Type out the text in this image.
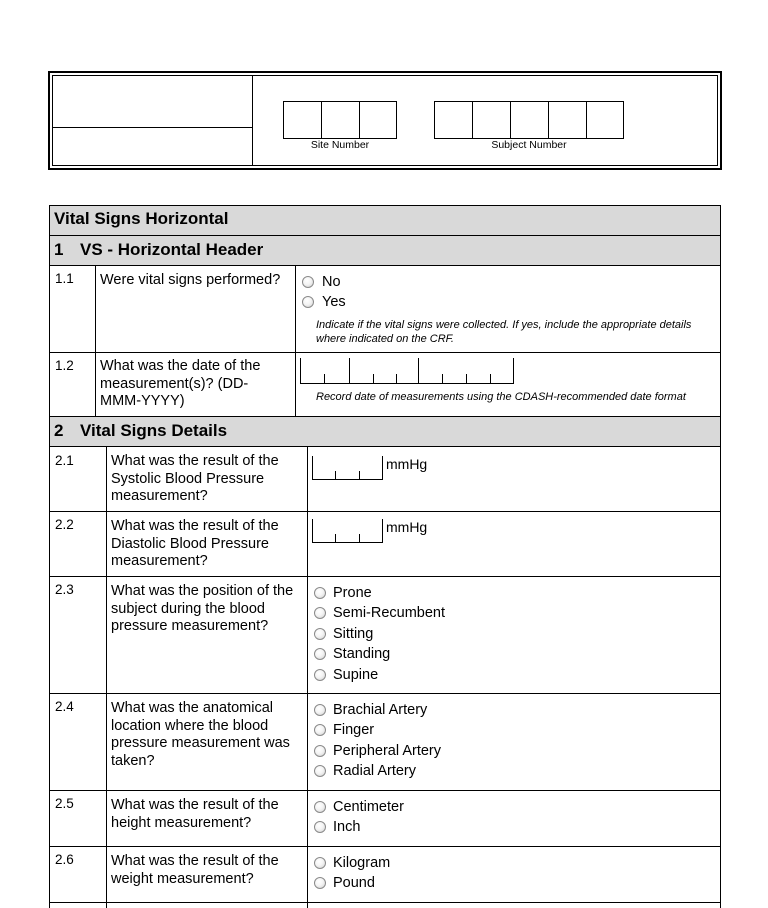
Site Number	Subject Number
Vital Signs Horizontal
1 VS - Horizontal Header
1.1 Were vital signs performed?	No
Yes
Indicate if the vital signs were collected. If yes, include the appropriate details where indicated on the CRF.
1.2 What was the date of the measurement(s)? (DD-MMM-YYYY)	Record date of measurements using the CDASH-recommended date format
2 Vital Signs Details
2.1	What was the result of the Systolic Blood Pressure measurement?
mmHg
2.2	What was the result of the Diastolic Blood Pressure measurement?
mmHg
2.3	What was the position of the subject during the blood pressure measurement?
Prone
Semi-Recumbent
Sitting
Standing
Supine
2.4	What was the anatomical location where the blood pressure measurement was taken?
Brachial Artery
Finger
Peripheral Artery
Radial Artery
2.5	What was the result of the height measurement?
Centimeter
Inch
2.6	What was the result of the weight measurement?
Kilogram
Pound
